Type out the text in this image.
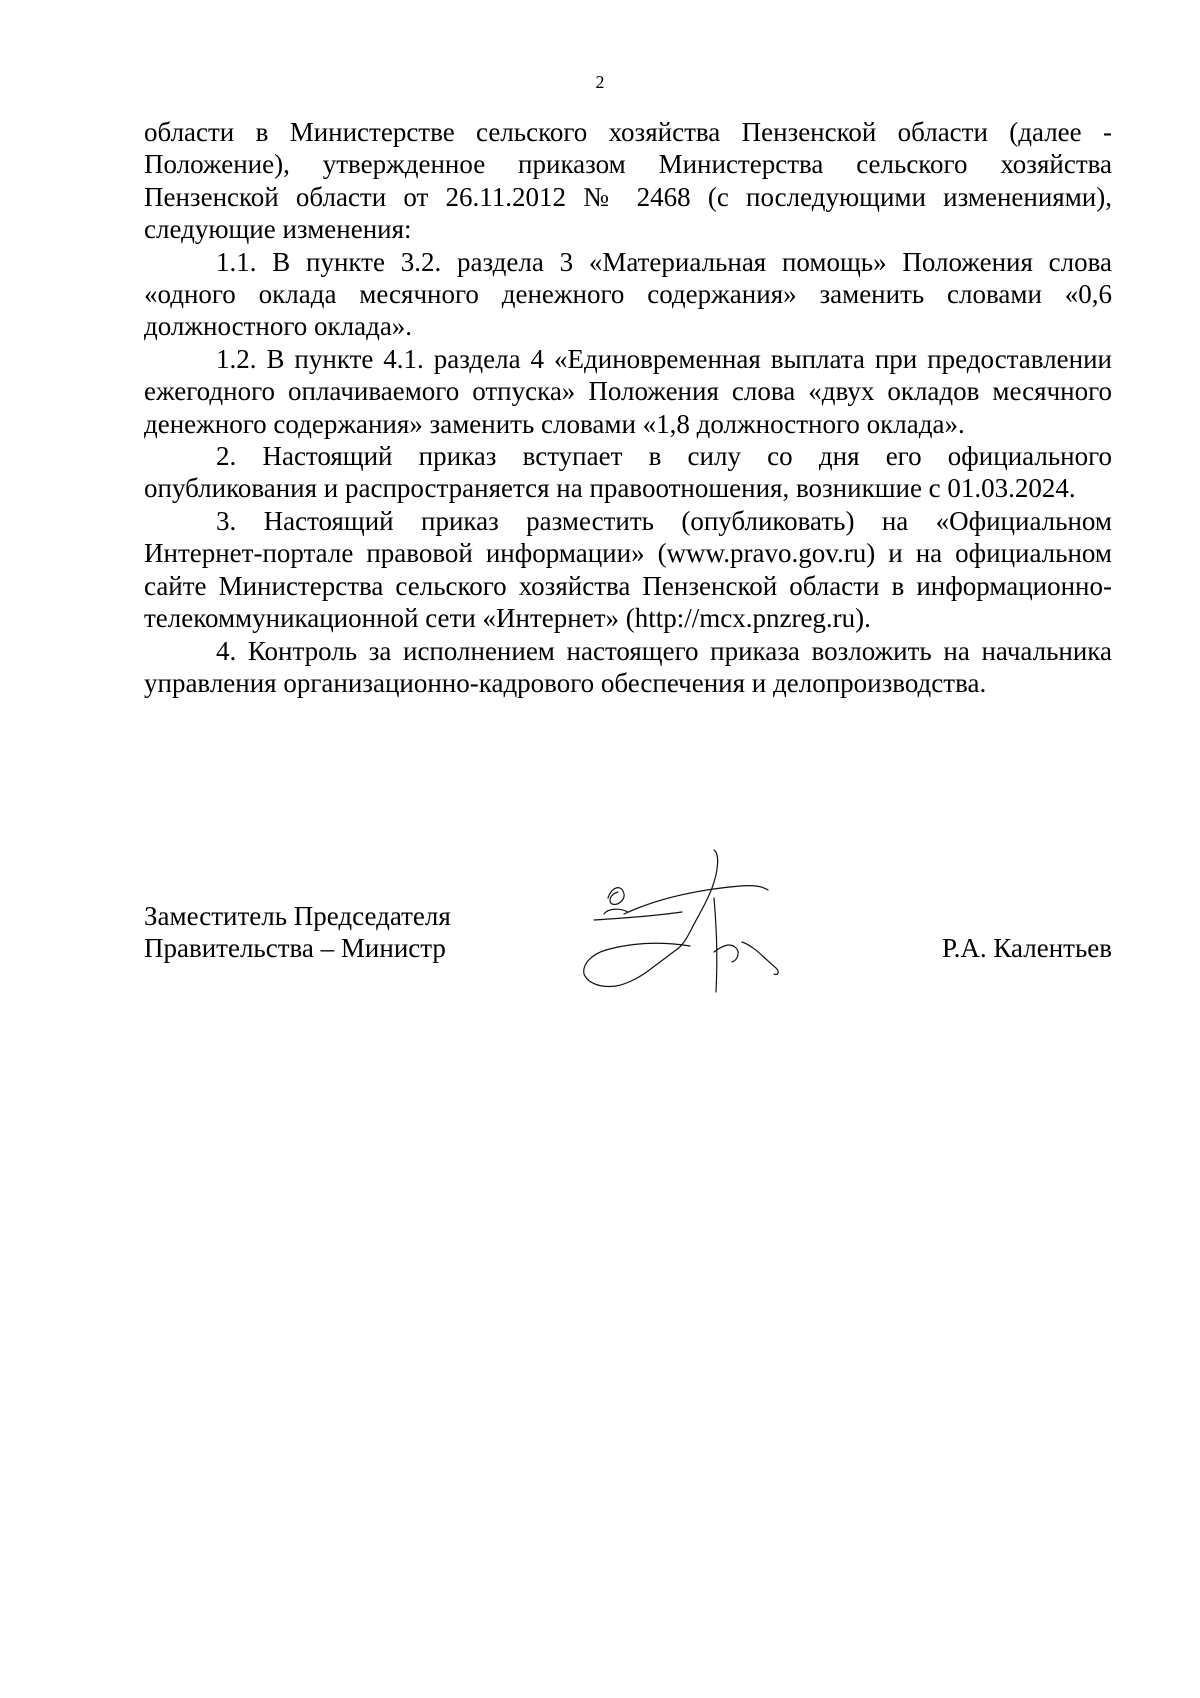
2

области в Министерстве сельского хозяйства Пензенской области (далее - Положение), утвержденное приказом Министерства сельского хозяйства Пензенской области от 26.11.2012 № 2468 (с последующими изменениями), следующие изменения:

1.1. В пункте 3.2. раздела 3 «Материальная помощь» Положения слова «одного оклада месячного денежного содержания» заменить словами «0,6 должностного оклада».

1.2. В пункте 4.1. раздела 4 «Единовременная выплата при предоставлении ежегодного оплачиваемого отпуска» Положения слова «двух окладов месячного денежного содержания» заменить словами «1,8 должностного оклада».

2. Настоящий приказ вступает в силу со дня его официального опубликования и распространяется на правоотношения, возникшие с 01.03.2024.

3. Настоящий приказ разместить (опубликовать) на «Официальном Интернет-портале правовой информации» (www.pravo.gov.ru) и на официальном сайте Министерства сельского хозяйства Пензенской области в информационно-телекоммуникационной сети «Интернет» (http://mcx.pnzreg.ru).

4. Контроль за исполнением настоящего приказа возложить на начальника управления организационно-кадрового обеспечения и делопроизводства.

Заместитель Председателя
Правительства – Министр	Р.А. Калентьев
